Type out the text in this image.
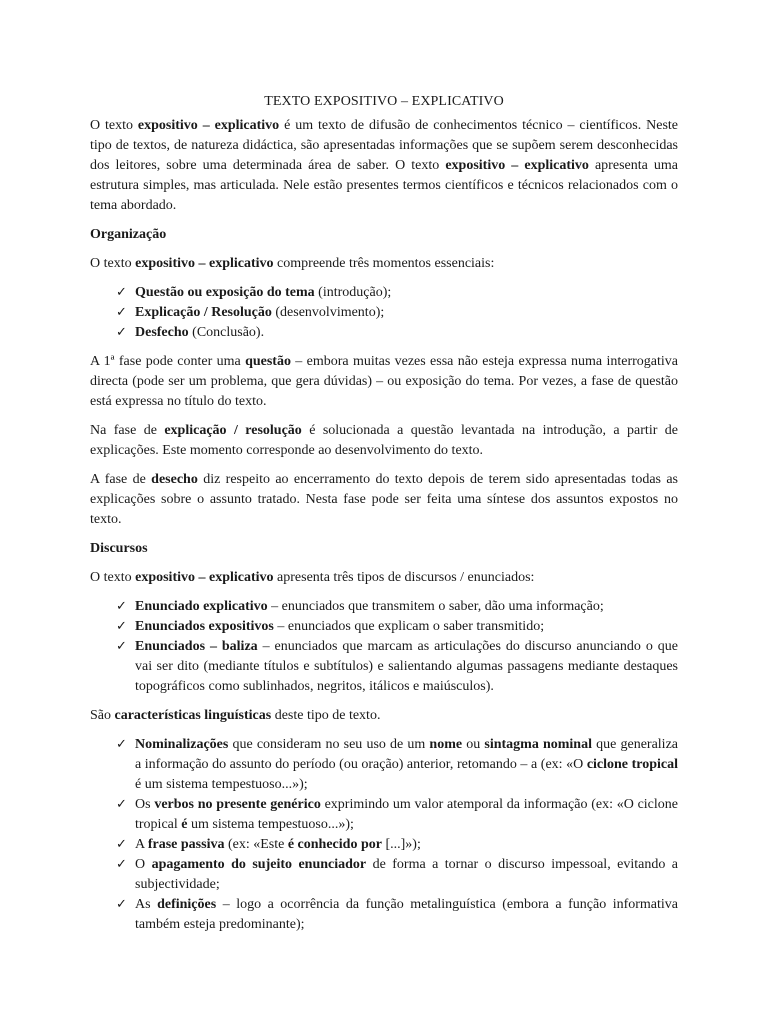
TEXTO EXPOSITIVO – EXPLICATIVO

O texto expositivo – explicativo é um texto de difusão de conhecimentos técnico – científicos. Neste tipo de textos, de natureza didáctica, são apresentadas informações que se supõem serem desconhecidas dos leitores, sobre uma determinada área de saber. O texto expositivo – explicativo apresenta uma estrutura simples, mas articulada. Nele estão presentes termos científicos e técnicos relacionados com o tema abordado.

Organização

O texto expositivo – explicativo compreende três momentos essenciais:

✓ Questão ou exposição do tema (introdução);
✓ Explicação / Resolução (desenvolvimento);
✓ Desfecho (Conclusão).

A 1ª fase pode conter uma questão – embora muitas vezes essa não esteja expressa numa interrogativa directa (pode ser um problema, que gera dúvidas) – ou exposição do tema. Por vezes, a fase de questão está expressa no título do texto.

Na fase de explicação / resolução é solucionada a questão levantada na introdução, a partir de explicações. Este momento corresponde ao desenvolvimento do texto.

A fase de desecho diz respeito ao encerramento do texto depois de terem sido apresentadas todas as explicações sobre o assunto tratado. Nesta fase pode ser feita uma síntese dos assuntos expostos no texto.

Discursos

O texto expositivo – explicativo apresenta três tipos de discursos / enunciados:

✓ Enunciado explicativo – enunciados que transmitem o saber, dão uma informação;
✓ Enunciados expositivos – enunciados que explicam o saber transmitido;
✓ Enunciados – baliza – enunciados que marcam as articulações do discurso anunciando o que vai ser dito (mediante títulos e subtítulos) e salientando algumas passagens mediante destaques topográficos como sublinhados, negritos, itálicos e maiúsculos).

São características linguísticas deste tipo de texto.

✓ Nominalizações que consideram no seu uso de um nome ou sintagma nominal que generaliza a informação do assunto do período (ou oração) anterior, retomando – a (ex: «O ciclone tropical é um sistema tempestuoso...»);
✓ Os verbos no presente genérico exprimindo um valor atemporal da informação (ex: «O ciclone tropical é um sistema tempestuoso...»);
✓ A frase passiva (ex: «Este é conhecido por [...]»);
✓ O apagamento do sujeito enunciador de forma a tornar o discurso impessoal, evitando a subjectividade;
✓ As definições – logo a ocorrência da função metalinguística (embora a função informativa também esteja predominante);
